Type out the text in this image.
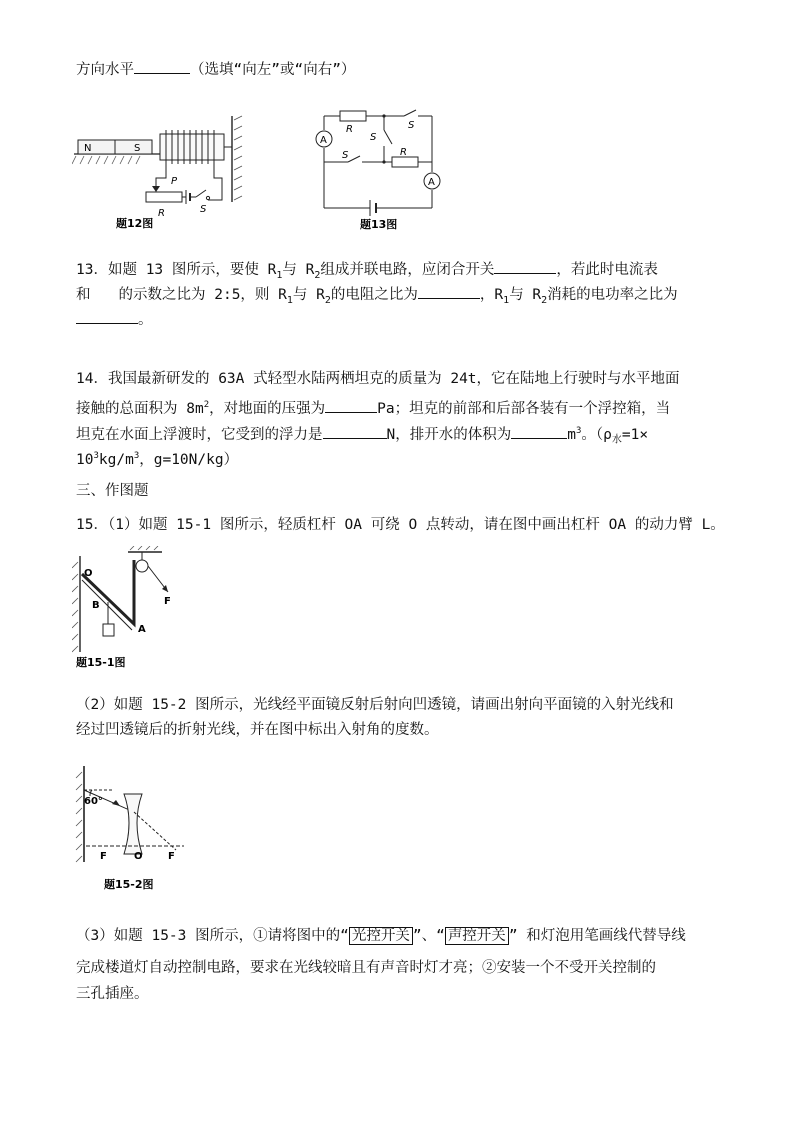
方向水平	（选填“向左”或“向右”）
N	S
P
R	S
题12图
A
A
R
R
S
S
S
题13图
13．如题 13 图所示，要使 $R_1$与 $R_2$组成并联电路，应闭合开关	，若此时电流表
和 的示数之比为 2:5，则 $R_1$与 $R_2$的电阻之比为	，$R_1$与 $R_2$消耗的电功率之比为
。
14．我国最新研发的 63A 式轻型水陆两栖坦克的质量为 24t，它在陆地上行驶时与水平地面
接触的总面积为 $8m^2$，对地面的压强为	Pa；坦克的前部和后部各装有一个浮控箱，当
坦克在水面上浮渡时，它受到的浮力是	N，排开水的体积为	$m^3$。（$\rho_水=1\times$
$10^3kg/m^3$，g=10N/kg）
三、作图题
15．（1）如题 15-1 图所示，轻质杠杆 OA 可绕 O 点转动，请在图中画出杠杆 OA 的动力臂 L。
O
B
A
F
题15-1图
（2）如题 15-2 图所示，光线经平面镜反射后射向凹透镜，请画出射向平面镜的入射光线和
经过凹透镜后的折射光线，并在图中标出入射角的度数。
60°
F	O	F
题15-2图
（3）如题 15-3 图所示，①请将图中的“ 光控开关 ”、“ 声控开关 ” 和灯泡用笔画线代替导线
完成楼道灯自动控制电路，要求在光线较暗且有声音时灯才亮；②安装一个不受开关控制的
三孔插座。
